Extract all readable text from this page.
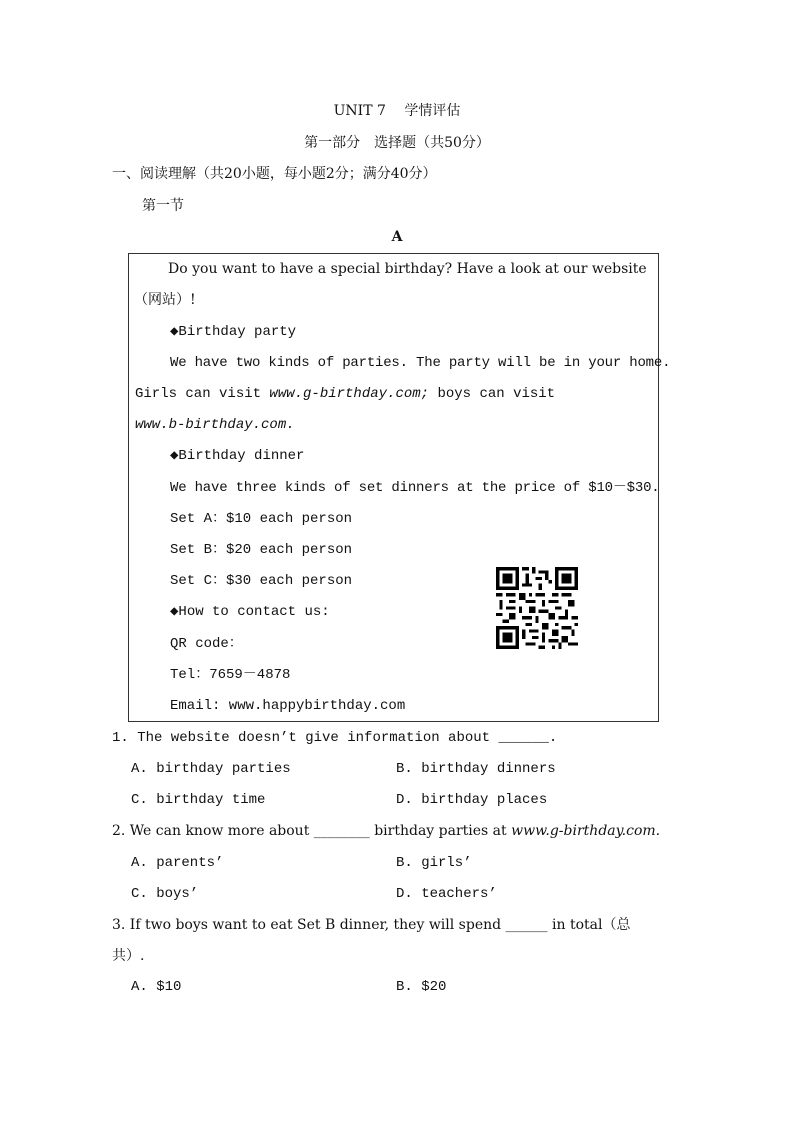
UNIT 7　 学情评估
第一部分　选择题（共50分）
一、阅读理解（共20小题，每小题2分；满分40分）
第一节
A
Do you want to have a special birthday? Have a look at our website
（网站）!
◆Birthday party
We have two kinds of parties. The party will be in your home.
Girls can visit www.g-birthday.com; boys can visit
www.b-birthday.com.
◆Birthday dinner
We have three kinds of set dinners at the price of $10－$30.
Set A：$10 each person
Set B：$20 each person
Set C：$30 each person
◆How to contact us:
QR code：
Tel：7659－4878
Email: www.happybirthday.com
1. The website doesn’t give information about ______.
A. birthday parties	B. birthday dinners
C. birthday time	D. birthday places
2. We can know more about ________ birthday parties at www.g-birthday.com.
A. parents’	B. girls’
C. boys’	D. teachers’
3. If two boys want to eat Set B dinner, they will spend ______ in total（总
共）.
A. $10	B. $20
